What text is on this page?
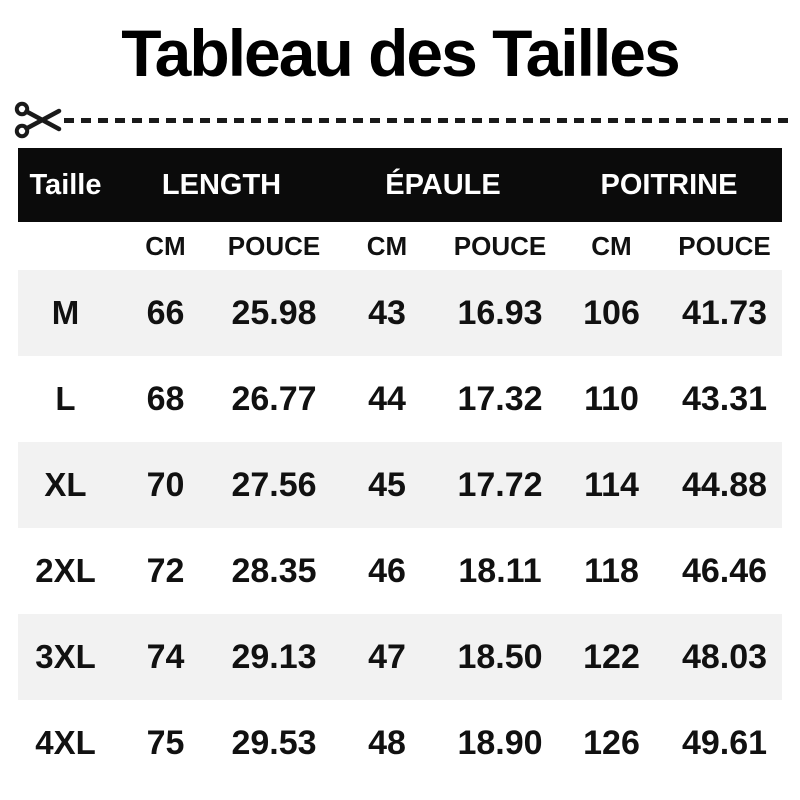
Tableau des Tailles
Taille	LENGTH	ÉPAULE	POITRINE
CM	POUCE	CM	POUCE	CM	POUCE
M	66	25.98	43	16.93	106	41.73
L	68	26.77	44	17.32	110	43.31
XL	70	27.56	45	17.72	114	44.88
2XL	72	28.35	46	18.11	118	46.46
3XL	74	29.13	47	18.50	122	48.03
4XL	75	29.53	48	18.90	126	49.61
